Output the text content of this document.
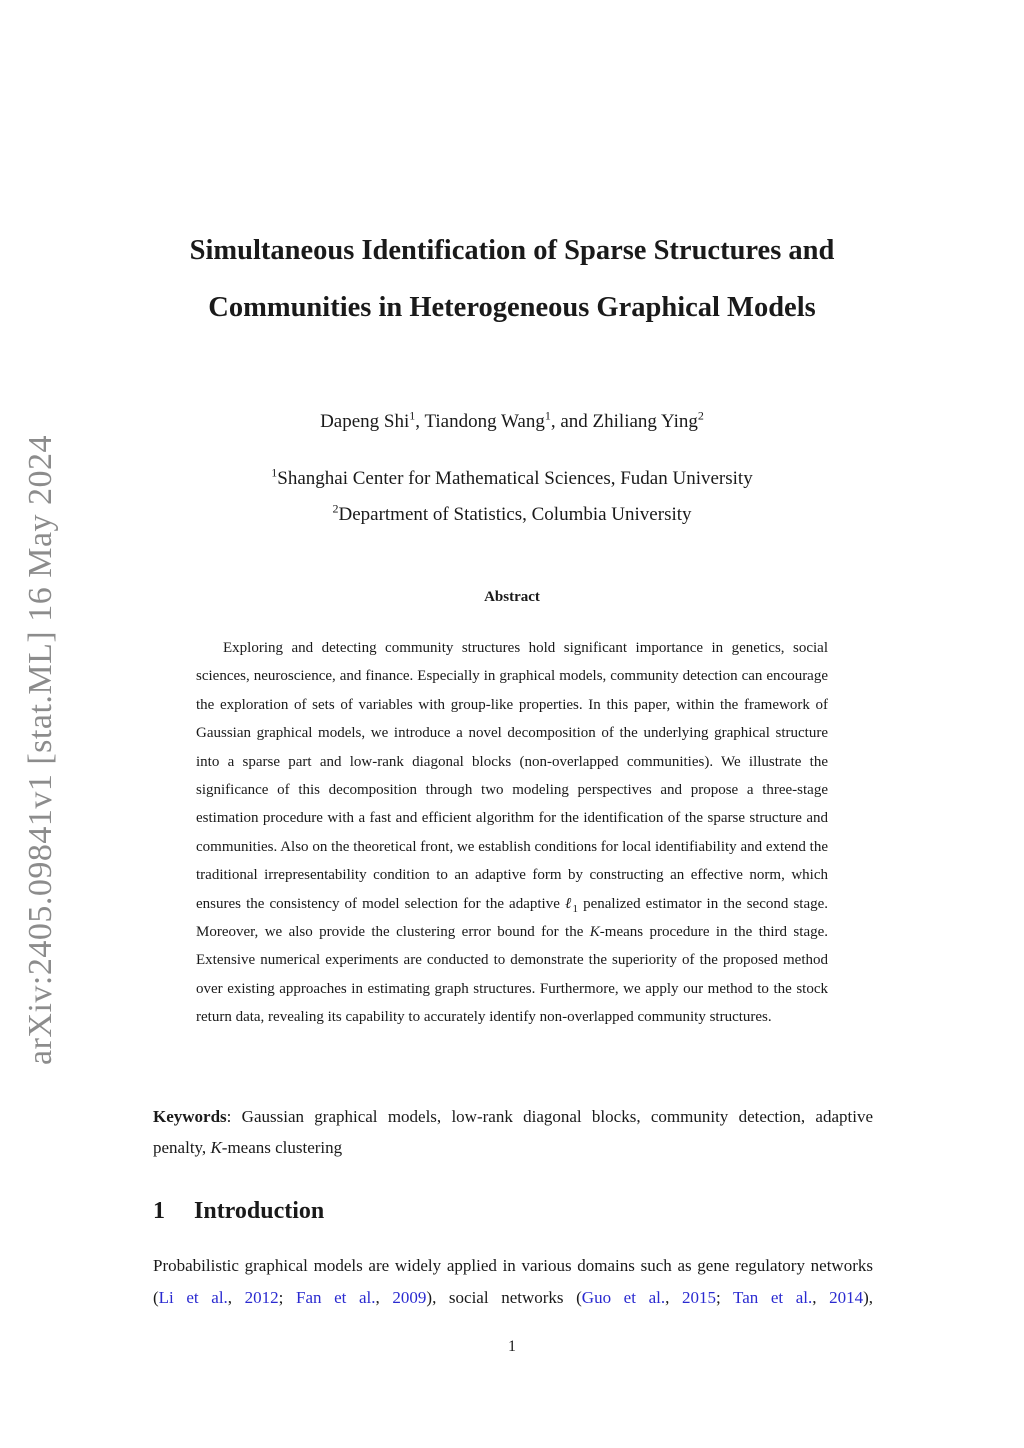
arXiv:2405.09841v1 [stat.ML] 16 May 2024
Simultaneous Identification of Sparse Structures and Communities in Heterogeneous Graphical Models
Dapeng Shi$^1$, Tiandong Wang$^1$, and Zhiliang Ying$^2$
$^1$Shanghai Center for Mathematical Sciences, Fudan University
$^2$Department of Statistics, Columbia University
Abstract

Exploring and detecting community structures hold significant importance in genetics, social sciences, neuroscience, and finance. Especially in graphical models, community detection can encourage the exploration of sets of variables with group-like properties. In this paper, within the framework of Gaussian graphical models, we introduce a novel decomposition of the underlying graphical structure into a sparse part and low-rank diagonal blocks (non-overlapped communities). We illustrate the significance of this decomposition through two modeling perspectives and propose a three-stage estimation procedure with a fast and efficient algorithm for the identification of the sparse structure and communities. Also on the theoretical front, we establish conditions for local identifiability and extend the traditional irrepresentability condition to an adaptive form by constructing an effective norm, which ensures the consistency of model selection for the adaptive ℓ$_1$ penalized estimator in the second stage. Moreover, we also provide the clustering error bound for the K-means procedure in the third stage. Extensive numerical experiments are conducted to demonstrate the superiority of the proposed method over existing approaches in estimating graph structures. Furthermore, we apply our method to the stock return data, revealing its capability to accurately identify non-overlapped community structures.

Keywords: Gaussian graphical models, low-rank diagonal blocks, community detection, adaptive penalty, K-means clustering

1 Introduction

Probabilistic graphical models are widely applied in various domains such as gene regulatory networks (Li et al., 2012; Fan et al., 2009), social networks (Guo et al., 2015; Tan et al., 2014),

1
